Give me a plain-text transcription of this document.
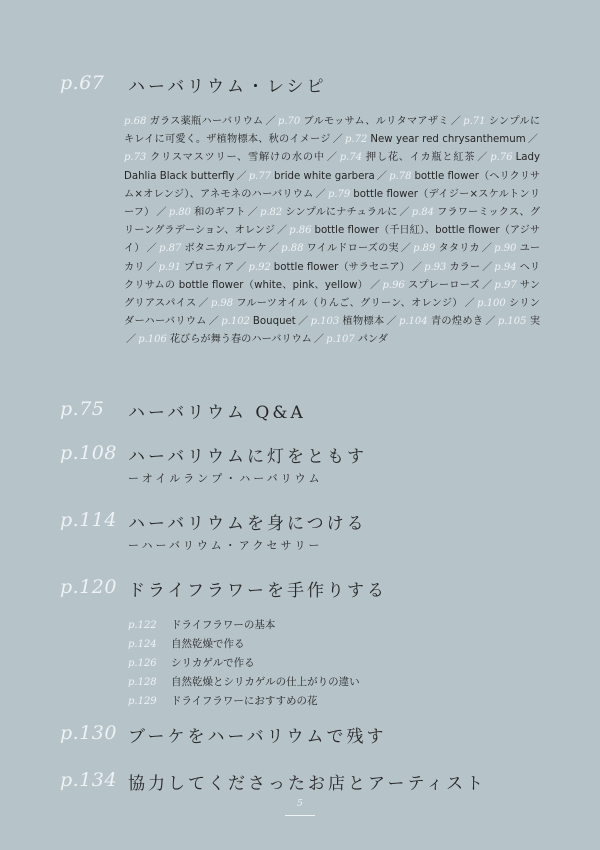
p.67 ハーバリウム・レシピ
p.68 ガラス薬瓶ハーバリウム ／ p.70 ブルモッサム、ルリタマアザミ ／ p.71 シンプルにキレイに可愛く。ザ植物標本、秋のイメージ ／ p.72 New year red chrysanthemum ／p.73 クリスマスツリー、雪解けの水の中 ／ p.74 押し花、イカ瓶と紅茶 ／ p.76 Lady Dahlia Black butterfly ／ p.77 bride white garbera ／ p.78 bottle flower（ヘリクリサム×オレンジ）、アネモネのハーバリウム ／ p.79 bottle flower（デイジー×スケルトンリーフ） ／ p.80 和のギフト ／ p.82 シンプルにナチュラルに ／ p.84 フラワーミックス、グリーングラデーション、オレンジ ／ p.86 bottle flower（千日紅）、bottle flower（アジサイ） ／ p.87 ボタニカルブーケ ／ p.88 ワイルドローズの実 ／ p.89 タタリカ ／ p.90 ユーカリ ／ p.91 プロティア ／ p.92 bottle flower（サラセニア） ／ p.93 カラー ／ p.94 ヘリクリサムの bottle flower（white、pink、yellow） ／ p.96 スプレーローズ ／ p.97 サングリアスパイス ／ p.98 フルーツオイル（りんご、グリーン、オレンジ） ／ p.100 シリンダーハーバリウム ／ p.102 Bouquet ／ p.103 植物標本 ／ p.104 青の煌めき ／ p.105 実／ p.106 花びらが舞う春のハーバリウム ／ p.107 パンダ
p.75 ハーバリウム Q&A
p.108 ハーバリウムに灯をともす
ーオイルランプ・ハーバリウム
p.114 ハーバリウムを身につける
ーハーバリウム・アクセサリー
p.120 ドライフラワーを手作りする
p.122 ドライフラワーの基本
p.124 自然乾燥で作る
p.126 シリカゲルで作る
p.128 自然乾燥とシリカゲルの仕上がりの違い
p.129 ドライフラワーにおすすめの花
p.130 ブーケをハーバリウムで残す
p.134 協力してくださったお店とアーティスト
5
